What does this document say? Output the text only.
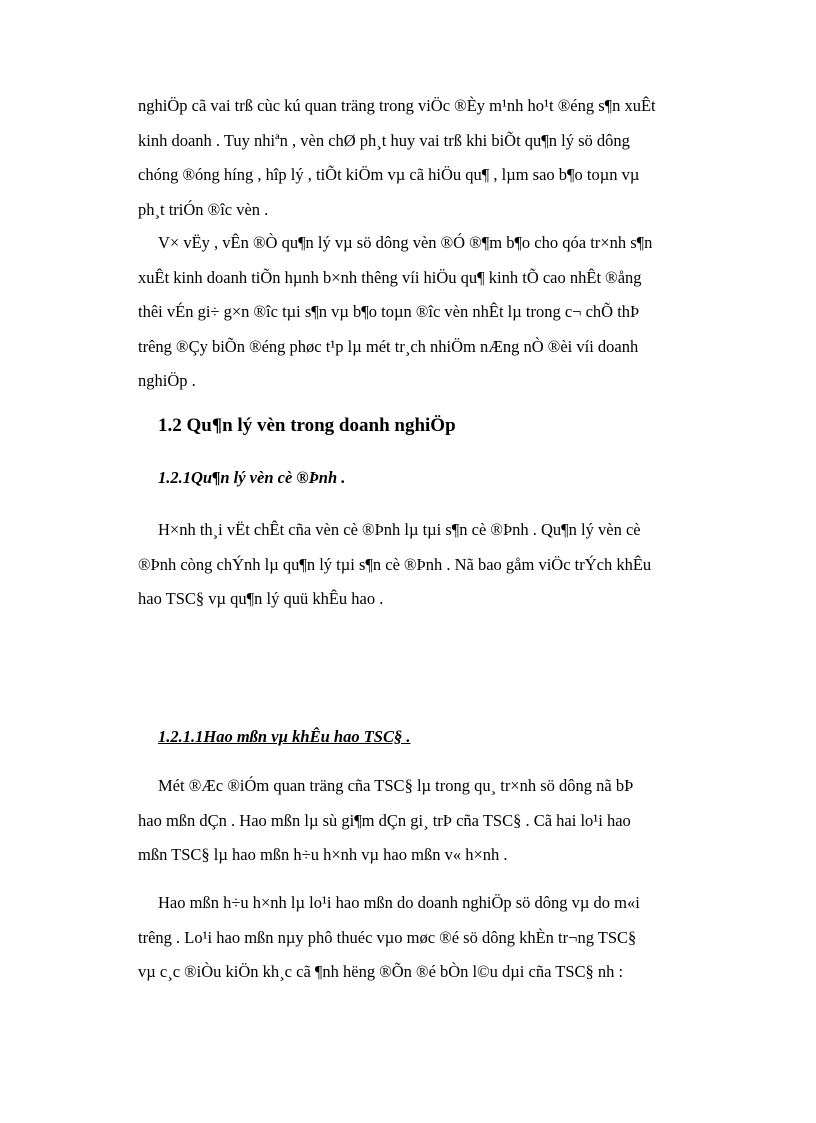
nghiÖp cã vai trß cùc kú quan träng trong viÖc ®Èy m¹nh ho¹t ®éng s¶n xuÊt
kinh doanh . Tuy nhiªn , vèn chØ ph¸t huy vai trß khi biÕt qu¶n lý sö dông
chóng ®óng híng , hîp lý , tiÕt kiÖm vµ cã hiÖu qu¶ , lµm sao b¶o toµn vµ
ph¸t triÓn ®îc vèn .
V× vËy , vÊn ®Ò qu¶n lý vµ sö dông vèn ®Ó ®¶m b¶o cho qóa tr×nh s¶n
xuÊt kinh doanh tiÕn hµnh b×nh thêng víi hiÖu qu¶ kinh tÕ cao nhÊt ®ång
thêi vÉn gi÷ g×n ®îc tµi s¶n vµ b¶o toµn ®îc vèn nhÊt lµ trong c¬ chÕ thÞ
trêng ®Çy biÕn ®éng phøc t¹p lµ mét tr¸ch nhiÖm nÆng nÒ ®èi víi doanh
nghiÖp .
1.2 Qu¶n lý vèn trong doanh nghiÖp
1.2.1Qu¶n lý vèn cè ®Þnh .
H×nh th¸i vËt chÊt cña vèn cè ®Þnh lµ tµi s¶n cè ®Þnh . Qu¶n lý vèn cè
®Þnh còng chÝnh lµ qu¶n lý tµi s¶n cè ®Þnh . Nã bao gåm viÖc trÝch khÊu
hao TSC§ vµ qu¶n lý quü khÊu hao .
1.2.1.1Hao mßn vµ khÊu hao TSC§ .
Mét ®Æc ®iÓm quan träng cña TSC§ lµ trong qu¸ tr×nh sö dông nã bÞ
hao mßn dÇn . Hao mßn lµ sù gi¶m dÇn gi¸ trÞ cña TSC§ . Cã hai lo¹i hao
mßn TSC§ lµ hao mßn h÷u h×nh vµ hao mßn v« h×nh .
Hao mßn h÷u h×nh lµ lo¹i hao mßn do doanh nghiÖp sö dông vµ do m«i
trêng . Lo¹i hao mßn nµy phô thuéc vµo møc ®é sö dông khÈn tr¬ng TSC§
vµ c¸c ®iÒu kiÖn kh¸c cã ¶nh hëng ®Õn ®é bÒn l©u dµi cña TSC§ nh :
